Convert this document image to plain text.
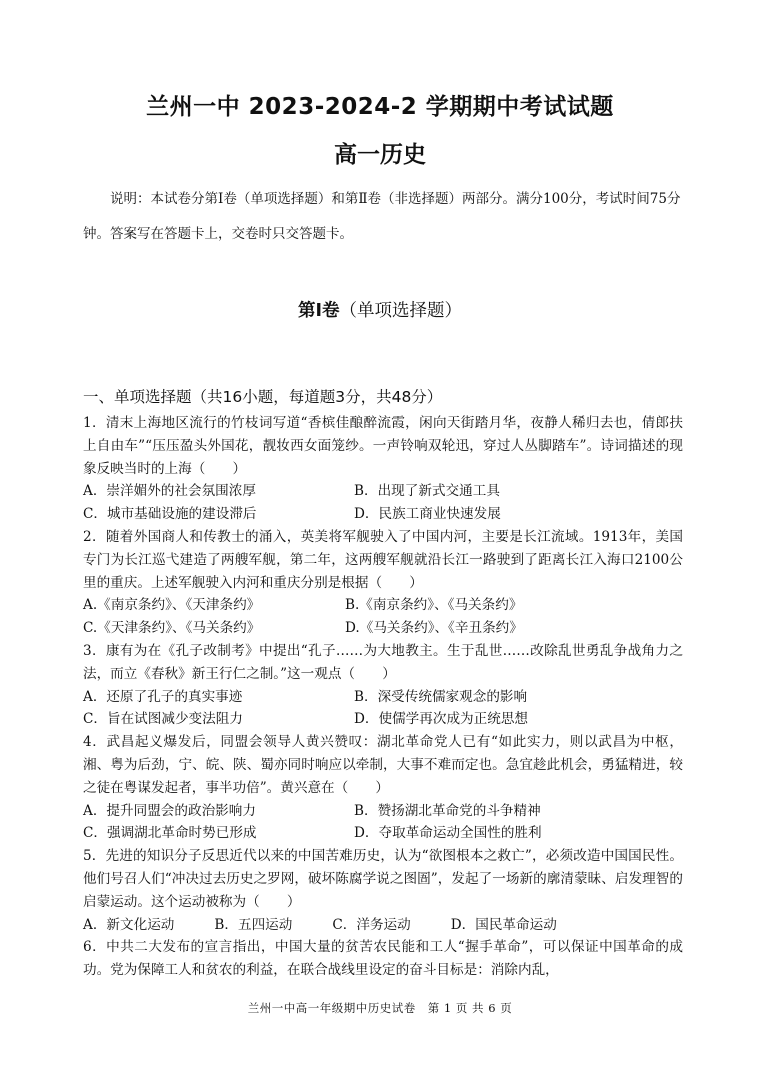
兰州一中 2023-2024-2 学期期中考试试题
高一历史
说明：本试卷分第Ⅰ卷（单项选择题）和第Ⅱ卷（非选择题）两部分。满分100分，考试时间75分钟。答案写在答题卡上，交卷时只交答题卡。
第Ⅰ卷（单项选择题）
一、单项选择题（共16小题，每道题3分，共48分）

1．清末上海地区流行的竹枝词写道“香槟佳酿醉流霞，闲向天街踏月华，夜静人稀归去也，倩郎扶上自由车”“压压盈头外国花，靓妆西女面笼纱。一声铃响双轮迅，穿过人丛脚踏车”。诗词描述的现象反映当时的上海（　　）

A．崇洋媚外的社会氛围浓厚	B．出现了新式交通工具
C．城市基础设施的建设滞后	D．民族工商业快速发展

2．随着外国商人和传教士的涌入，英美将军舰驶入了中国内河，主要是长江流域。1913年，美国专门为长江巡弋建造了两艘军舰，第二年，这两艘军舰就沿长江一路驶到了距离长江入海口2100公里的重庆。上述军舰驶入内河和重庆分别是根据（　　）

A.《南京条约》、《天津条约》	B.《南京条约》、《马关条约》
C.《天津条约》、《马关条约》	D.《马关条约》、《辛丑条约》

3．康有为在《孔子改制考》中提出“孔子……为大地教主。生于乱世……改除乱世勇乱争战角力之法，而立《春秋》新王行仁之制。”这一观点（　　）

A．还原了孔子的真实事迹	B．深受传统儒家观念的影响
C．旨在试图减少变法阻力	D．使儒学再次成为正统思想

4．武昌起义爆发后，同盟会领导人黄兴赞叹：湖北革命党人已有“如此实力，则以武昌为中枢，湘、粤为后劲，宁、皖、陕、蜀亦同时响应以牵制，大事不难而定也。急宜趁此机会，勇猛精进，较之徒在粤谋发起者，事半功倍”。黄兴意在（　　）

A．提升同盟会的政治影响力	B．赞扬湖北革命党的斗争精神
C．强调湖北革命时势已形成	D．夺取革命运动全国性的胜利

5．先进的知识分子反思近代以来的中国苦难历史，认为“欲图根本之救亡”，必须改造中国国民性。他们号召人们“冲决过去历史之罗网，破坏陈腐学说之图圄”，发起了一场新的廓清蒙昧、启发理智的启蒙运动。这个运动被称为（　　）

A．新文化运动	B．五四运动	C．洋务运动	D．国民革命运动

6．中共二大发布的宣言指出，中国大量的贫苦农民能和工人“握手革命”，可以保证中国革命的成功。党为保障工人和贫农的利益，在联合战线里设定的奋斗目标是：消除内乱，

兰州一中高一年级期中历史试卷　第 1 页 共 6 页
